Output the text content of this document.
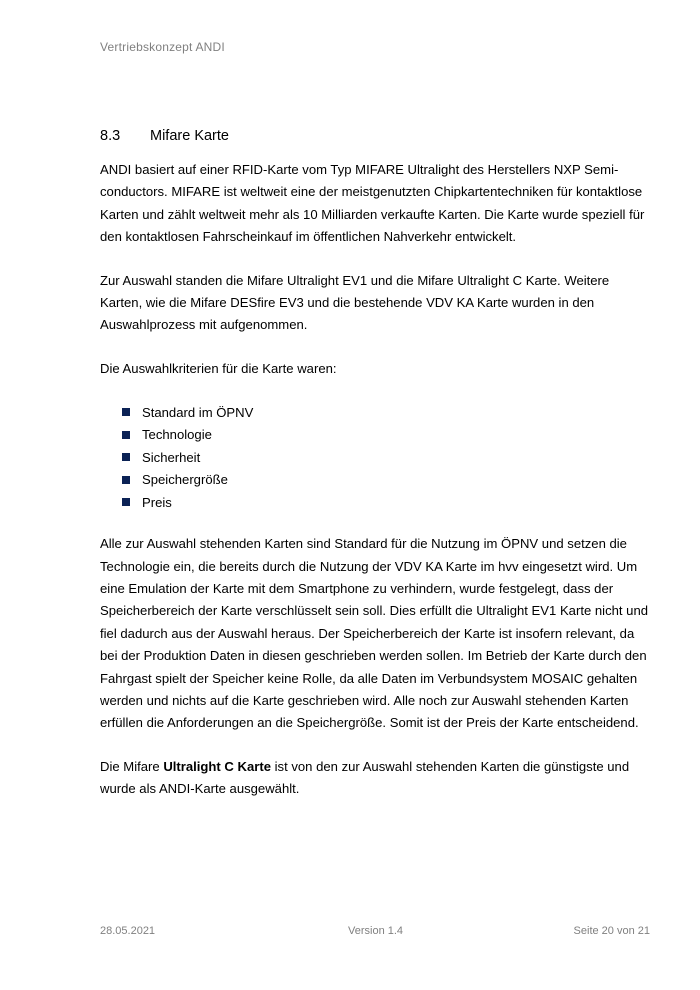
Vertriebskonzept ANDI
8.3	Mifare Karte

ANDI basiert auf einer RFID-Karte vom Typ MIFARE Ultralight des Herstellers NXP Semi-conductors. MIFARE ist weltweit eine der meistgenutzten Chipkartentechniken für kontaktlose Karten und zählt weltweit mehr als 10 Milliarden verkaufte Karten. Die Karte wurde speziell für den kontaktlosen Fahrscheinkauf im öffentlichen Nahverkehr entwickelt.

Zur Auswahl standen die Mifare Ultralight EV1 und die Mifare Ultralight C Karte. Weitere Karten, wie die Mifare DESfire EV3 und die bestehende VDV KA Karte wurden in den Auswahlprozess mit aufgenommen.

Die Auswahlkriterien für die Karte waren:

Standard im ÖPNV
Technologie
Sicherheit
Speichergröße
Preis

Alle zur Auswahl stehenden Karten sind Standard für die Nutzung im ÖPNV und setzen die Technologie ein, die bereits durch die Nutzung der VDV KA Karte im hvv eingesetzt wird. Um eine Emulation der Karte mit dem Smartphone zu verhindern, wurde festgelegt, dass der Speicherbereich der Karte verschlüsselt sein soll. Dies erfüllt die Ultralight EV1 Karte nicht und fiel dadurch aus der Auswahl heraus. Der Speicherbereich der Karte ist insofern relevant, da bei der Produktion Daten in diesen geschrieben werden sollen. Im Betrieb der Karte durch den Fahrgast spielt der Speicher keine Rolle, da alle Daten im Verbundsystem MOSAIC gehalten werden und nichts auf die Karte geschrieben wird. Alle noch zur Auswahl stehenden Karten erfüllen die Anforderungen an die Speichergröße. Somit ist der Preis der Karte entscheidend.

Die Mifare Ultralight C Karte ist von den zur Auswahl stehenden Karten die günstigste und wurde als ANDI-Karte ausgewählt.

28.05.2021	Version 1.4	Seite 20 von 21
